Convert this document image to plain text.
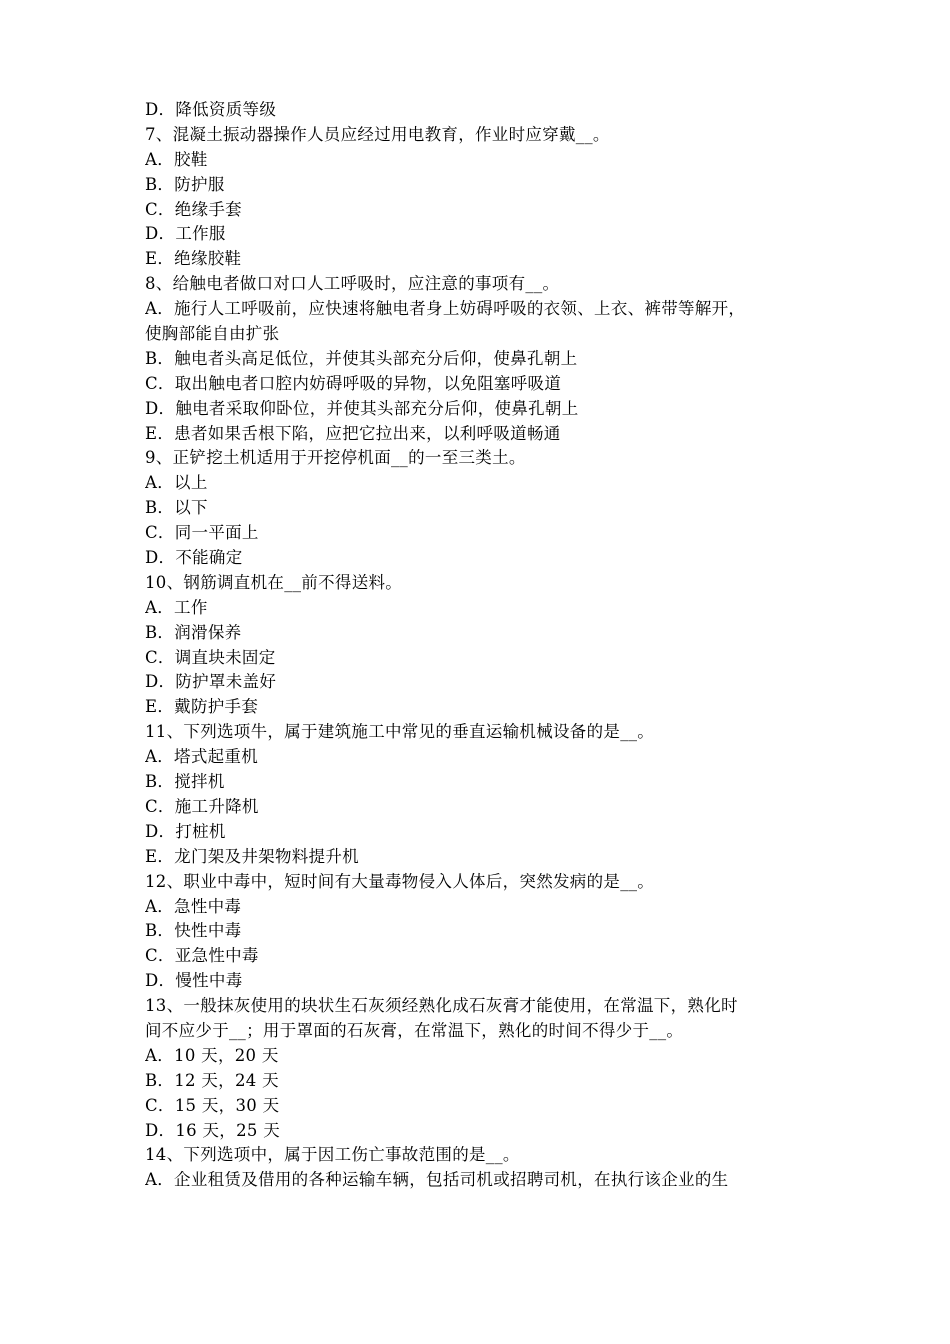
D．降低资质等级
7、混凝土振动器操作人员应经过用电教育，作业时应穿戴__。
A．胶鞋
B．防护服
C．绝缘手套
D．工作服
E．绝缘胶鞋
8、给触电者做口对口人工呼吸时，应注意的事项有__。
A．施行人工呼吸前，应快速将触电者身上妨碍呼吸的衣领、上衣、裤带等解开，
使胸部能自由扩张
B．触电者头高足低位，并使其头部充分后仰，使鼻孔朝上
C．取出触电者口腔内妨碍呼吸的异物，以免阻塞呼吸道
D．触电者采取仰卧位，并使其头部充分后仰，使鼻孔朝上
E．患者如果舌根下陷，应把它拉出来，以利呼吸道畅通
9、正铲挖土机适用于开挖停机面__的一至三类土。
A．以上
B．以下
C．同一平面上
D．不能确定
10、钢筋调直机在__前不得送料。
A．工作
B．润滑保养
C．调直块未固定
D．防护罩未盖好
E．戴防护手套
11、下列选项牛，属于建筑施工中常见的垂直运输机械设备的是__。
A．塔式起重机
B．搅拌机
C．施工升降机
D．打桩机
E．龙门架及井架物料提升机
12、职业中毒中，短时间有大量毒物侵入人体后，突然发病的是__。
A．急性中毒
B．快性中毒
C．亚急性中毒
D．慢性中毒
13、一般抹灰使用的块状生石灰须经熟化成石灰膏才能使用，在常温下，熟化时
间不应少于__；用于罩面的石灰膏，在常温下，熟化的时间不得少于__。
A．10 天，20 天
B．12 天，24 天
C．15 天，30 天
D．16 天，25 天
14、下列选项中，属于因工伤亡事故范围的是__。
A．企业租赁及借用的各种运输车辆，包括司机或招聘司机，在执行该企业的生
